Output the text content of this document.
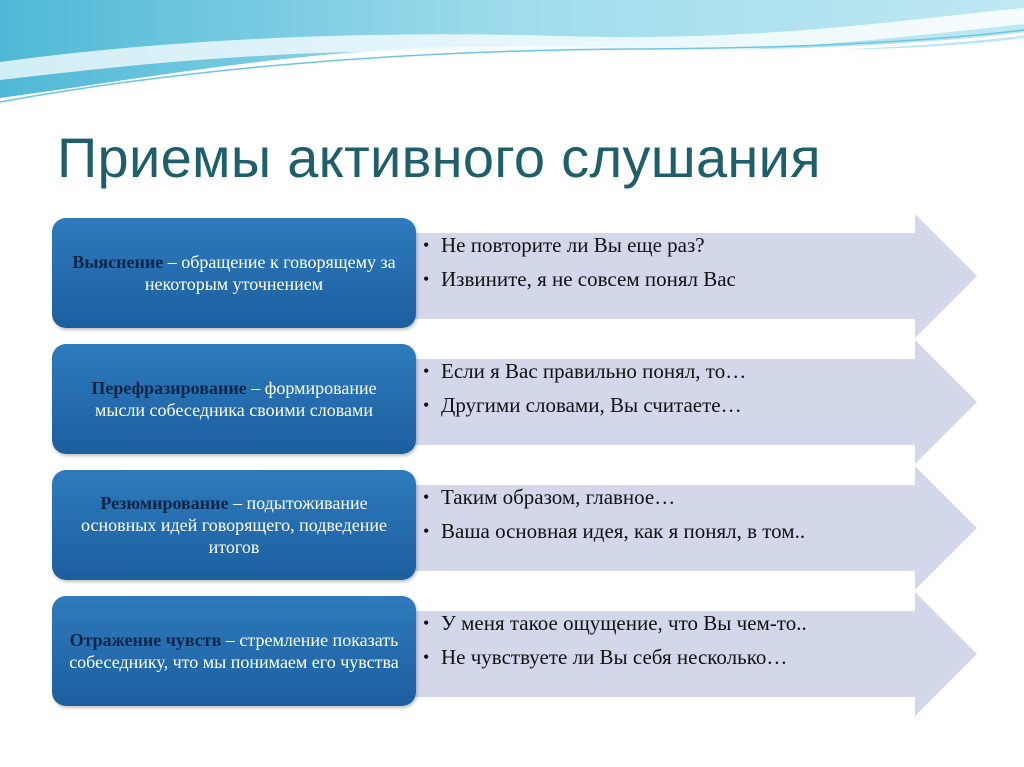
Приемы активного слушания
Выяснение – обращение к говорящему за некоторым уточнением
• Не повторите ли Вы еще раз?
• Извините, я не совсем понял Вас
Перефразирование – формирование мысли собеседника своими словами
• Если я Вас правильно понял, то…
• Другими словами, Вы считаете…
Резюмирование – подытоживание основных идей говорящего, подведение итогов
• Таким образом, главное…
• Ваша основная идея, как я понял, в том..
Отражение чувств – стремление показать собеседнику, что мы понимаем его чувства
• У меня такое ощущение, что Вы чем-то..
• Не чувствуете ли Вы себя несколько…
